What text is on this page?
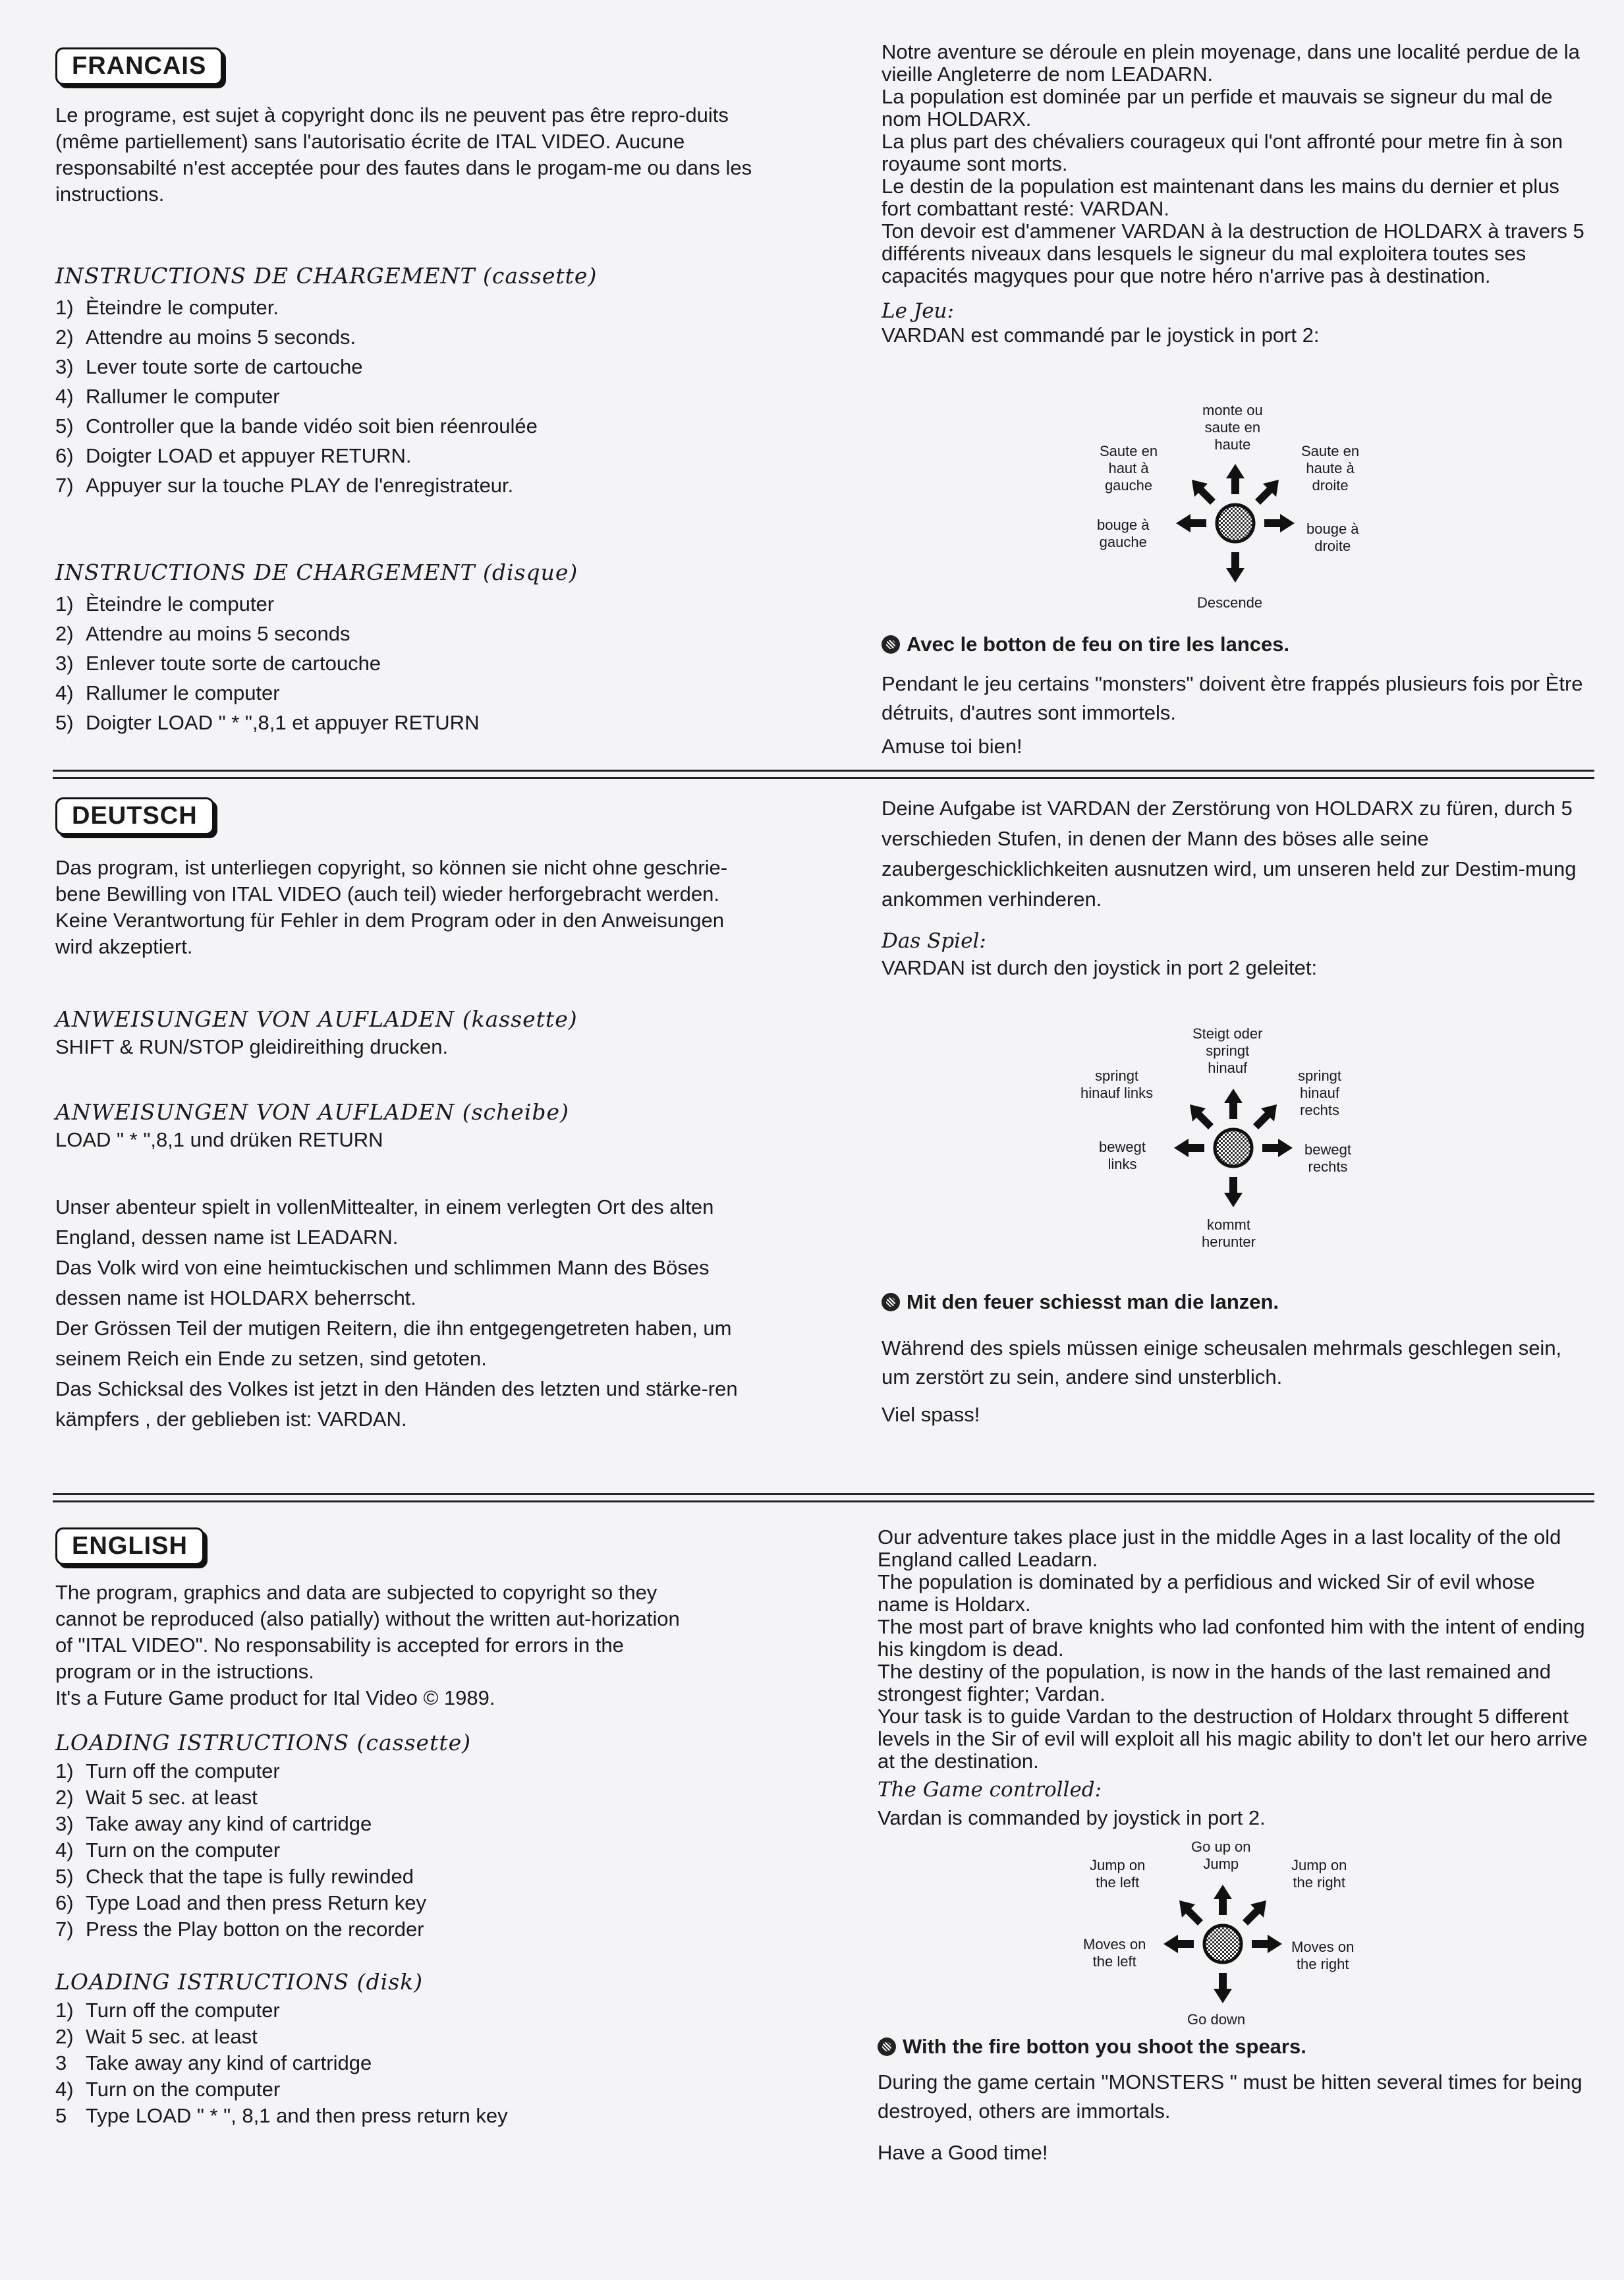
FRANCAIS

Le programe, est sujet à copyright donc ils ne peuvent pas être repro-duits (même partiellement) sans l'autorisatio écrite de ITAL VIDEO. Aucune responsabilté n'est acceptée pour des fautes dans le progam-me ou dans les instructions.

INSTRUCTIONS DE CHARGEMENT (cassette)

1) Èteindre le computer.
2) Attendre au moins 5 seconds.
3) Lever toute sorte de cartouche
4) Rallumer le computer
5) Controller que la bande vidéo soit bien réenroulée
6) Doigter LOAD et appuyer RETURN.
7) Appuyer sur la touche PLAY de l'enregistrateur.

INSTRUCTIONS DE CHARGEMENT (disque)

1) Èteindre le computer
2) Attendre au moins 5 seconds
3) Enlever toute sorte de cartouche
4) Rallumer le computer
5) Doigter LOAD " * ",8,1 et appuyer RETURN

Notre aventure se déroule en plein moyenage, dans une localité perdue de la vieille Angleterre de nom LEADARN.

La population est dominée par un perfide et mauvais se signeur du mal de nom HOLDARX.

La plus part des chévaliers courageux qui l'ont affronté pour metre fin à son royaume sont morts.

Le destin de la population est maintenant dans les mains du dernier et plus fort combattant resté: VARDAN.

Ton devoir est d'ammener VARDAN à la destruction de HOLDARX à travers 5 différents niveaux dans lesquels le signeur du mal exploitera toutes ses capacités magyques pour que notre héro n'arrive pas à destination.

Le Jeu:

VARDAN est commandé par le joystick in port 2:

monte ou
saute en
haute
Saute en
haut à
gauche
Saute en
haute à
droite
bouge à
gauche
bouge à
droite
Descende

Avec le botton de feu on tire les lances.

Pendant le jeu certains "monsters" doivent ètre frappés plusieurs fois por Ètre détruits, d'autres sont immortels.

Amuse toi bien!

DEUTSCH

Das program, ist unterliegen copyright, so können sie nicht ohne geschrie-bene Bewilling von ITAL VIDEO (auch teil) wieder herforgebracht werden. Keine Verantwortung für Fehler in dem Program oder in den Anweisungen wird akzeptiert.

ANWEISUNGEN VON AUFLADEN (kassette)

SHIFT & RUN/STOP gleidireithing drucken.

ANWEISUNGEN VON AUFLADEN (scheibe)

LOAD " * ",8,1 und drüken RETURN

Unser abenteur spielt in vollenMittealter, in einem verlegten Ort des alten England, dessen name ist LEADARN.

Das Volk wird von eine heimtuckischen und schlimmen Mann des Böses dessen name ist HOLDARX beherrscht.

Der Grössen Teil der mutigen Reitern, die ihn entgegengetreten haben, um seinem Reich ein Ende zu setzen, sind getoten.

Das Schicksal des Volkes ist jetzt in den Händen des letzten und stärke-ren kämpfers , der geblieben ist: VARDAN.

Deine Aufgabe ist VARDAN der Zerstörung von HOLDARX zu füren, durch 5 verschieden Stufen, in denen der Mann des böses alle seine zaubergeschicklichkeiten ausnutzen wird, um unseren held zur Destim-mung ankommen verhinderen.

Das Spiel:

VARDAN ist durch den joystick in port 2 geleitet:

Steigt oder
springt
hinauf
springt
hinauf links
springt
hinauf
rechts
bewegt
links
bewegt
rechts
kommt
herunter

Mit den feuer schiesst man die lanzen.

Während des spiels müssen einige scheusalen mehrmals geschlegen sein, um zerstört zu sein, andere sind unsterblich.

Viel spass!

ENGLISH

The program, graphics and data are subjected to copyright so they cannot be reproduced (also patially) without the written aut-horization of "ITAL VIDEO". No responsability is accepted for errors in the program or in the istructions.

It's a Future Game product for Ital Video © 1989.

LOADING ISTRUCTIONS (cassette)

1) Turn off the computer
2) Wait 5 sec. at least
3) Take away any kind of cartridge
4) Turn on the computer
5) Check that the tape is fully rewinded
6) Type Load and then press Return key
7) Press the Play botton on the recorder

LOADING ISTRUCTIONS (disk)

1) Turn off the computer
2) Wait 5 sec. at least
3 Take away any kind of cartridge
4) Turn on the computer
5 Type LOAD " * ", 8,1 and then press return key

Our adventure takes place just in the middle Ages in a last locality of the old England called Leadarn.

The population is dominated by a perfidious and wicked Sir of evil whose name is Holdarx.

The most part of brave knights who lad confonted him with the intent of ending his kingdom is dead.

The destiny of the population, is now in the hands of the last remained and strongest fighter; Vardan.

Your task is to guide Vardan to the destruction of Holdarx throught 5 different levels in the Sir of evil will exploit all his magic ability to don't let our hero arrive at the destination.

The Game controlled:

Vardan is commanded by joystick in port 2.

Go up on
Jump
Jump on
the left
Jump on
the right
Moves on
the left
Moves on
the right
Go down

With the fire botton you shoot the spears.

During the game certain "MONSTERS " must be hitten several times for being destroyed, others are immortals.

Have a Good time!
